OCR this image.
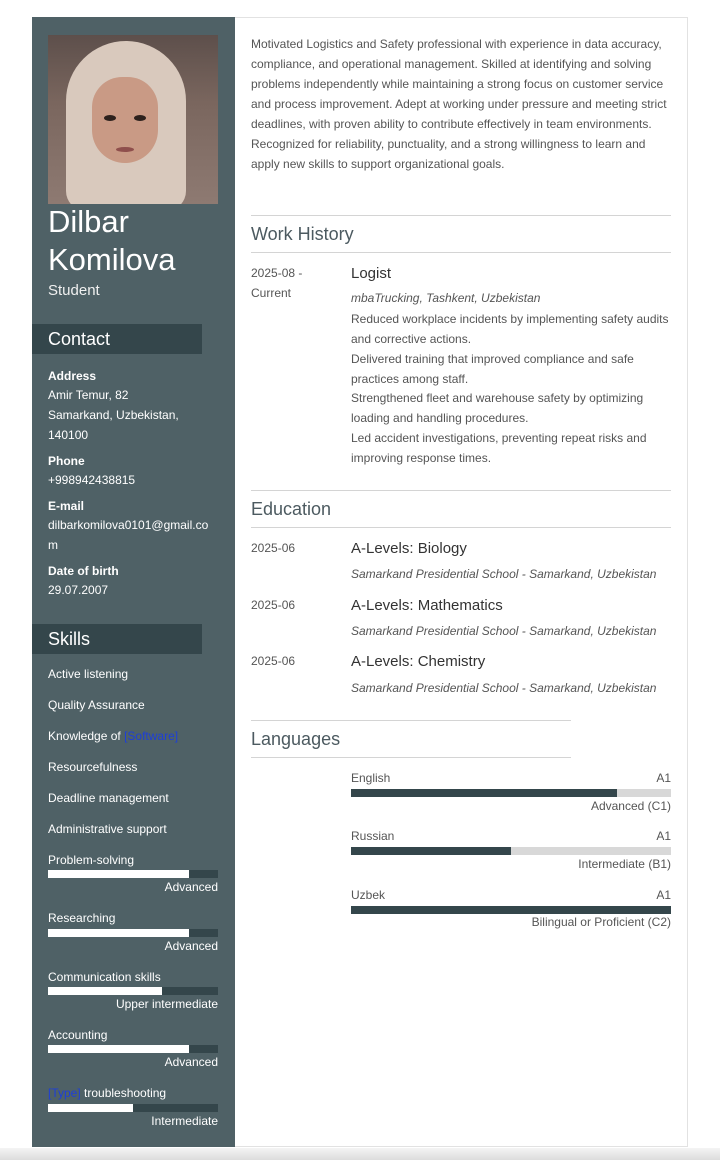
Dilbar
Komilova
Student
Contact
Address
Amir Temur, 82
Samarkand, Uzbekistan,
140100
Phone
+998942438815
E-mail
dilbarkomilova0101@gmail.co
m
Date of birth
29.07.2007
Skills
Active listening
Quality Assurance
Knowledge of [Software]
Resourcefulness
Deadline management
Administrative support
Problem-solving
Advanced
Researching
Advanced
Communication skills
Upper intermediate
Accounting
Advanced
[Type] troubleshooting
Intermediate
Motivated Logistics and Safety professional with experience in data accuracy, compliance, and operational management. Skilled at identifying and solving problems independently while maintaining a strong focus on customer service and process improvement. Adept at working under pressure and meeting strict deadlines, with proven ability to contribute effectively in team environments. Recognized for reliability, punctuality, and a strong willingness to learn and apply new skills to support organizational goals.
Work History
2025-08 -
Current
Logist
mbaTrucking, Tashkent, Uzbekistan
Reduced workplace incidents by implementing safety audits and corrective actions.
Delivered training that improved compliance and safe practices among staff.
Strengthened fleet and warehouse safety by optimizing loading and handling procedures.
Led accident investigations, preventing repeat risks and improving response times.
Education
2025-06	A-Levels: Biology
Samarkand Presidential School - Samarkand, Uzbekistan
2025-06	A-Levels: Mathematics
Samarkand Presidential School - Samarkand, Uzbekistan
2025-06	A-Levels: Chemistry
Samarkand Presidential School - Samarkand, Uzbekistan
Languages
English	A1
Advanced (C1)
Russian	A1
Intermediate (B1)
Uzbek	A1
Bilingual or Proficient (C2)
